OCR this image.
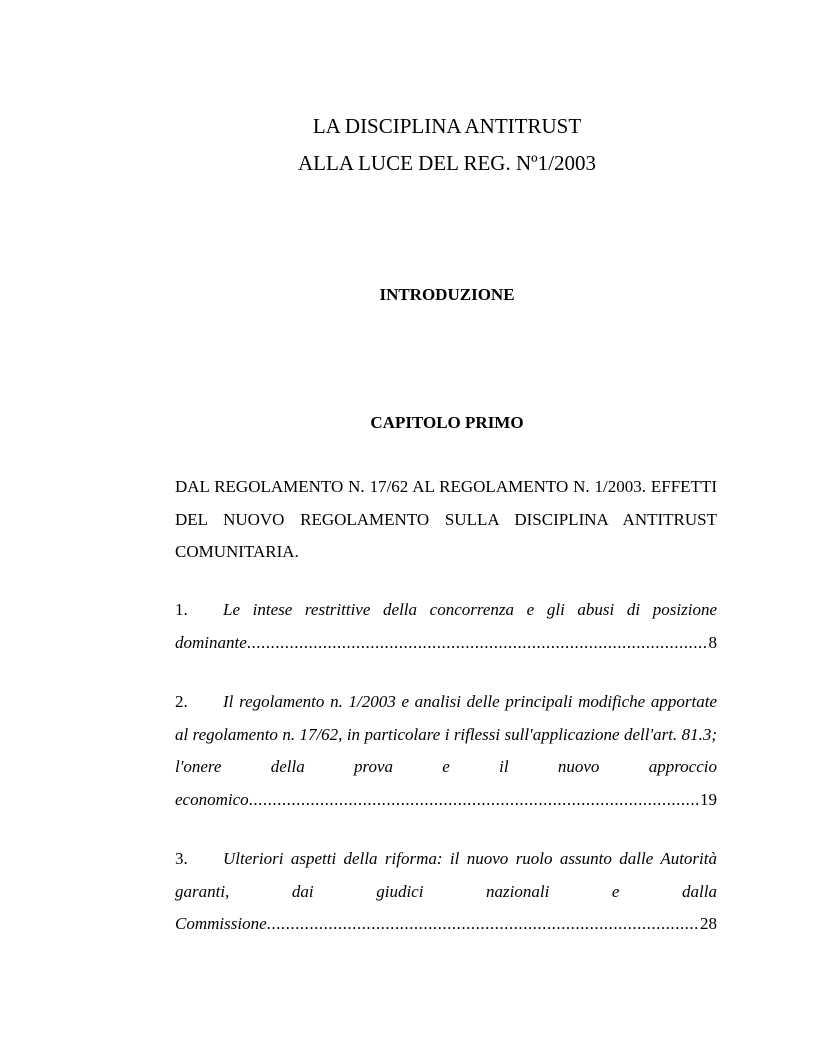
LA DISCIPLINA ANTITRUST
ALLA LUCE DEL REG. Nº1/2003
INTRODUZIONE
CAPITOLO PRIMO
DAL REGOLAMENTO N. 17/62 AL REGOLAMENTO N. 1/2003. EFFETTI DEL NUOVO REGOLAMENTO SULLA DISCIPLINA ANTITRUST COMUNITARIA.
1. Le intese restrittive della concorrenza e gli abusi di posizione
dominante .....	8
2. Il regolamento n. 1/2003 e analisi delle principali modifiche apportate al regolamento n. 17/62, in particolare i riflessi sull'applicazione dell'art. 81.3; l'onere della prova e il nuovo approccio
economico .....	19
3. Ulteriori aspetti della riforma: il nuovo ruolo assunto dalle Autorità garanti, dai giudici nazionali e dalla
Commissione .....	28
